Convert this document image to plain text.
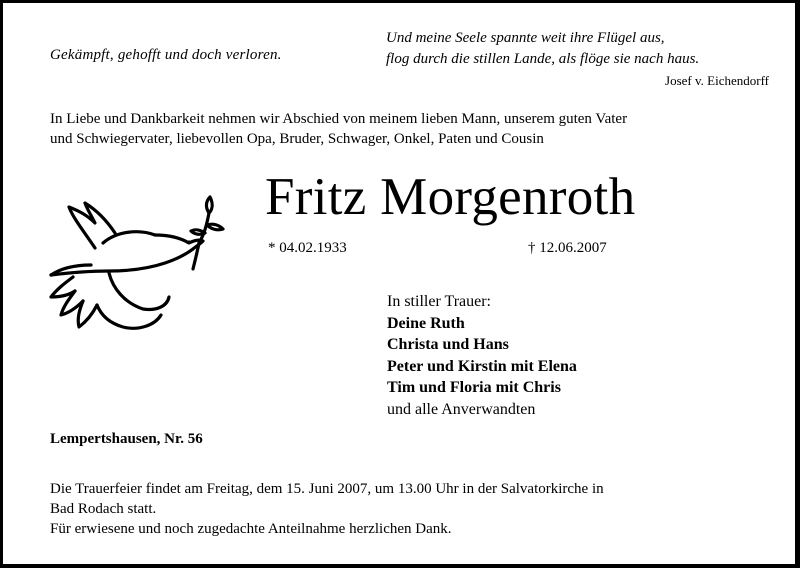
Gekämpft, gehofft und doch verloren.
Und meine Seele spannte weit ihre Flügel aus,
flog durch die stillen Lande, als flöge sie nach haus.
Josef v. Eichendorff
In Liebe und Dankbarkeit nehmen wir Abschied von meinem lieben Mann, unserem guten Vater
und Schwiegervater, liebevollen Opa, Bruder, Schwager, Onkel, Paten und Cousin
Fritz Morgenroth
* 04.02.1933	† 12.06.2007
In stiller Trauer:
Deine Ruth
Christa und Hans
Peter und Kirstin mit Elena
Tim und Floria mit Chris
und alle Anverwandten
Lempertshausen, Nr. 56
Die Trauerfeier findet am Freitag, dem 15. Juni 2007, um 13.00 Uhr in der Salvatorkirche in
Bad Rodach statt.
Für erwiesene und noch zugedachte Anteilnahme herzlichen Dank.
